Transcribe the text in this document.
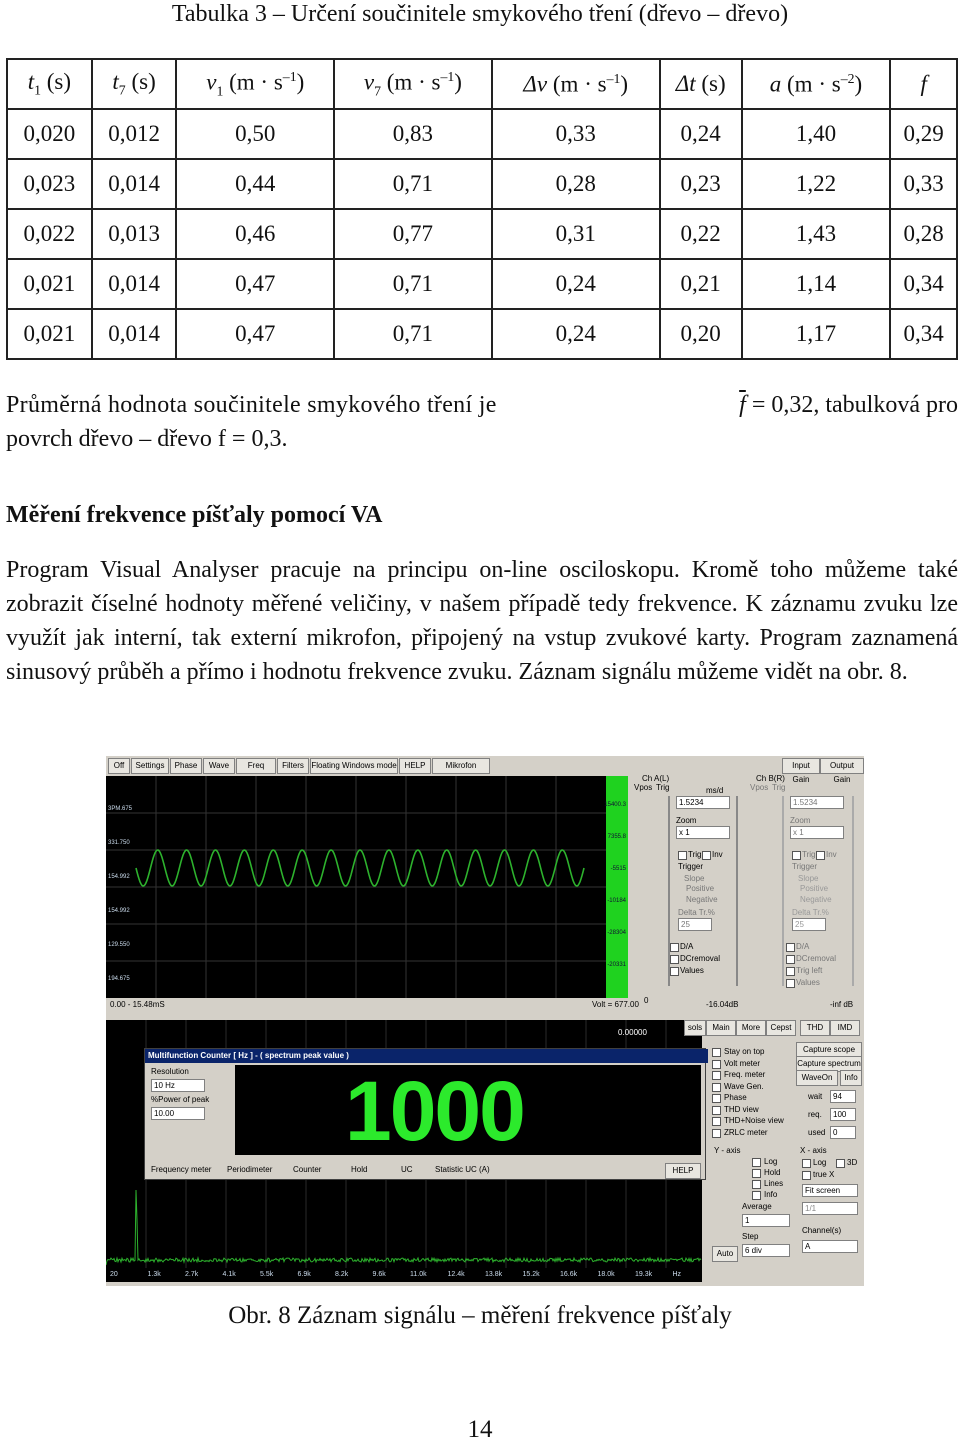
Tabulka 3 – Určení součinitele smykového tření (dřevo – dřevo)
$t_1$ (s)	$t_7$ (s)	$v_1$ $(m \cdot s^{-1})$	$v_7$ $(m \cdot s^{-1})$	Δv $(m \cdot s^{-1})$	Δt (s)	a $(m \cdot s^{-2})$	f
0,020	0,012	0,50	0,83	0,33	0,24	1,40	0,29
0,023	0,014	0,44	0,71	0,28	0,23	1,22	0,33
0,022	0,013	0,46	0,77	0,31	0,22	1,43	0,28
0,021	0,014	0,47	0,71	0,24	0,21	1,14	0,34
0,021	0,014	0,47	0,71	0,24	0,20	1,17	0,34
Průměrná hodnota součinitele smykového tření je	$\overline{f} = 0,32$, tabulková pro
povrch dřevo – dřevo f = 0,3.
Měření frekvence píšťaly pomocí VA
Program Visual Analyser pracuje na principu on-line osciloskopu. Kromě toho můžeme také zobrazit číselné hodnoty měřené veličiny, v našem případě tedy frekvence. K záznamu zvuku lze využít jak interní, tak externí mikrofon, připojený na vstup zvukové karty. Program zaznamená sinusový průběh a přímo i hodnotu frekvence zvuku. Záznam signálu můžeme vidět na obr. 8.
Off	Settings	Phase	Wave	Freq	Filters Floating Windows mode HELP	Mikrofon	Input Gain
Output Gain
3PM.675
331.750
154.992
154.992
129.550
194.675
15400.3
7355.8
-5515
-10184
-28304
-20331
0.00 - 15.48mS	Volt = 677.00	-16.04dB	-inf dB
Ch A(L)
Vpos Trig	ms/d
1.5234
Zoom
x 1
Trig Inv
Trigger
Slope
Positive
Negative
Delta Tr.%
25
D/A
DCremoval
Values
0
Ch B(R)
Vpos Trig
1.5234
Zoom
x 1
Trig Inv
Trigger
Slope
Positive
Negative
Delta Tr.%
25
D/A
DCremoval
Trig left
Values
0.00000
20	1.3k	2.7k	4.1k	5.5k	6.9k	8.2k	9.6k	11.0k	12.4k	13.8k	15.2k	16.6k	18.0k	19.3k	Hz
Multifunction Counter [ Hz ] - ( spectrum peak value )
Resolution
10 Hz
%Power of peak
10.00	1000
Frequency meter Periodimeter	Counter	Hold	UC	Statistic UC (A)	HELP
sols	Main	More	Cepst	THD	IMD
Stay on top
Volt meter
Freq. meter
Wave Gen.
Phase
THD view
THD+Noise view
ZRLC meter
Capture scope
Capture spectrum
WaveOn	Info
wait	94
req.	100
used 0
Y - axis
Log
Hold
Lines
Info
Average
1
Step
6 div
Auto
X - axis
Log	3D
true X
Fit screen
1/1
Channel(s)
A
Obr. 8 Záznam signálu – měření frekvence píšťaly
14
